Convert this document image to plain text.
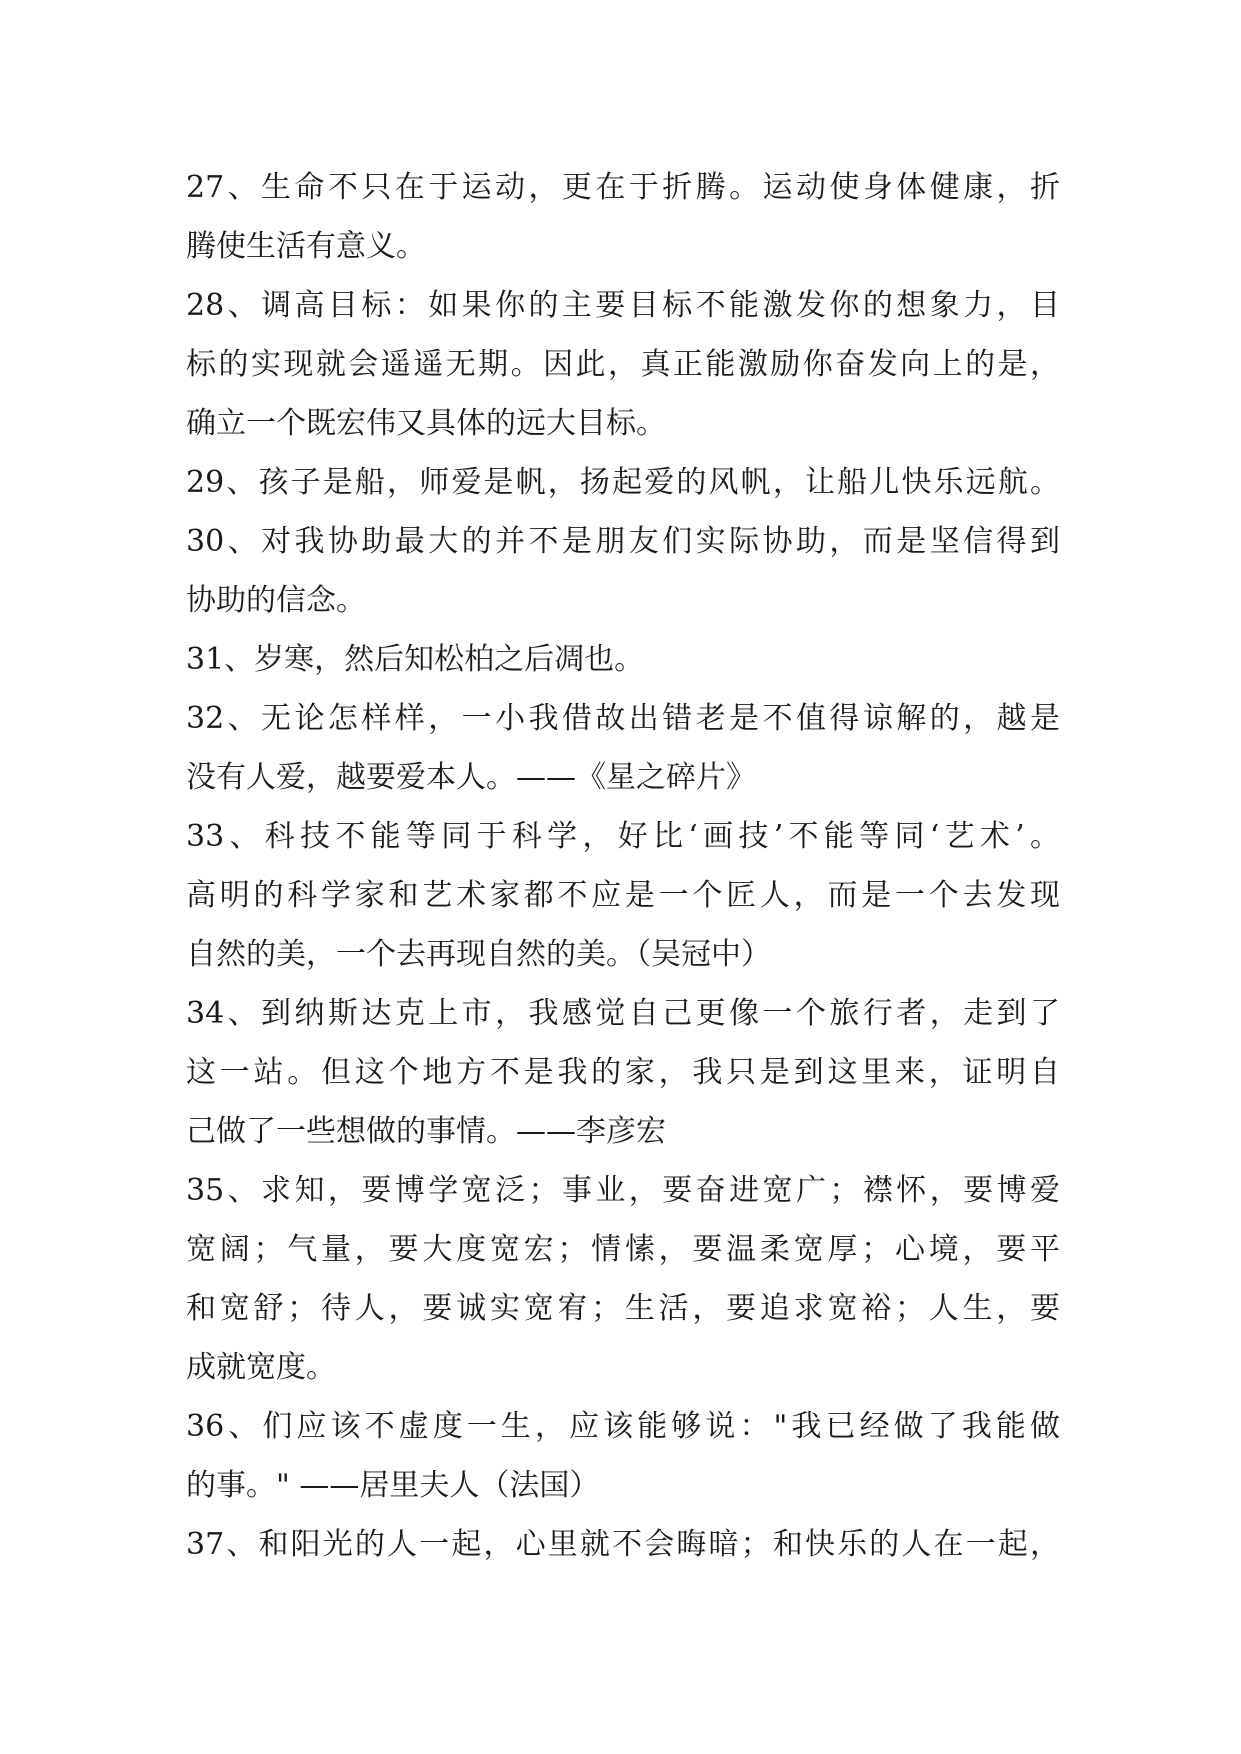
27、生命不只在于运动，更在于折腾。运动使身体健康，折
腾使生活有意义。
28、调高目标：如果你的主要目标不能激发你的想象力，目
标的实现就会遥遥无期。因此，真正能激励你奋发向上的是，
确立一个既宏伟又具体的远大目标。
29、孩子是船，师爱是帆，扬起爱的风帆，让船儿快乐远航。
30、对我协助最大的并不是朋友们实际协助，而是坚信得到
协助的信念。
31、岁寒，然后知松柏之后凋也。
32、无论怎样样，一小我借故出错老是不值得谅解的，越是
没有人爱，越要爱本人。——《星之碎片》
33、科技不能等同于科学，好比‘画技’不能等同‘艺术’。
高明的科学家和艺术家都不应是一个匠人，而是一个去发现
自然的美，一个去再现自然的美。（吴冠中）
34、到纳斯达克上市，我感觉自己更像一个旅行者，走到了
这一站。但这个地方不是我的家，我只是到这里来，证明自
己做了一些想做的事情。——李彦宏
35、求知，要博学宽泛；事业，要奋进宽广；襟怀，要博爱
宽阔；气量，要大度宽宏；情愫，要温柔宽厚；心境，要平
和宽舒；待人，要诚实宽宥；生活，要追求宽裕；人生，要
成就宽度。
36、们应该不虚度一生，应该能够说："我已经做了我能做
的事。" ——居里夫人（法国）
37、和阳光的人一起，心里就不会晦暗；和快乐的人在一起，
